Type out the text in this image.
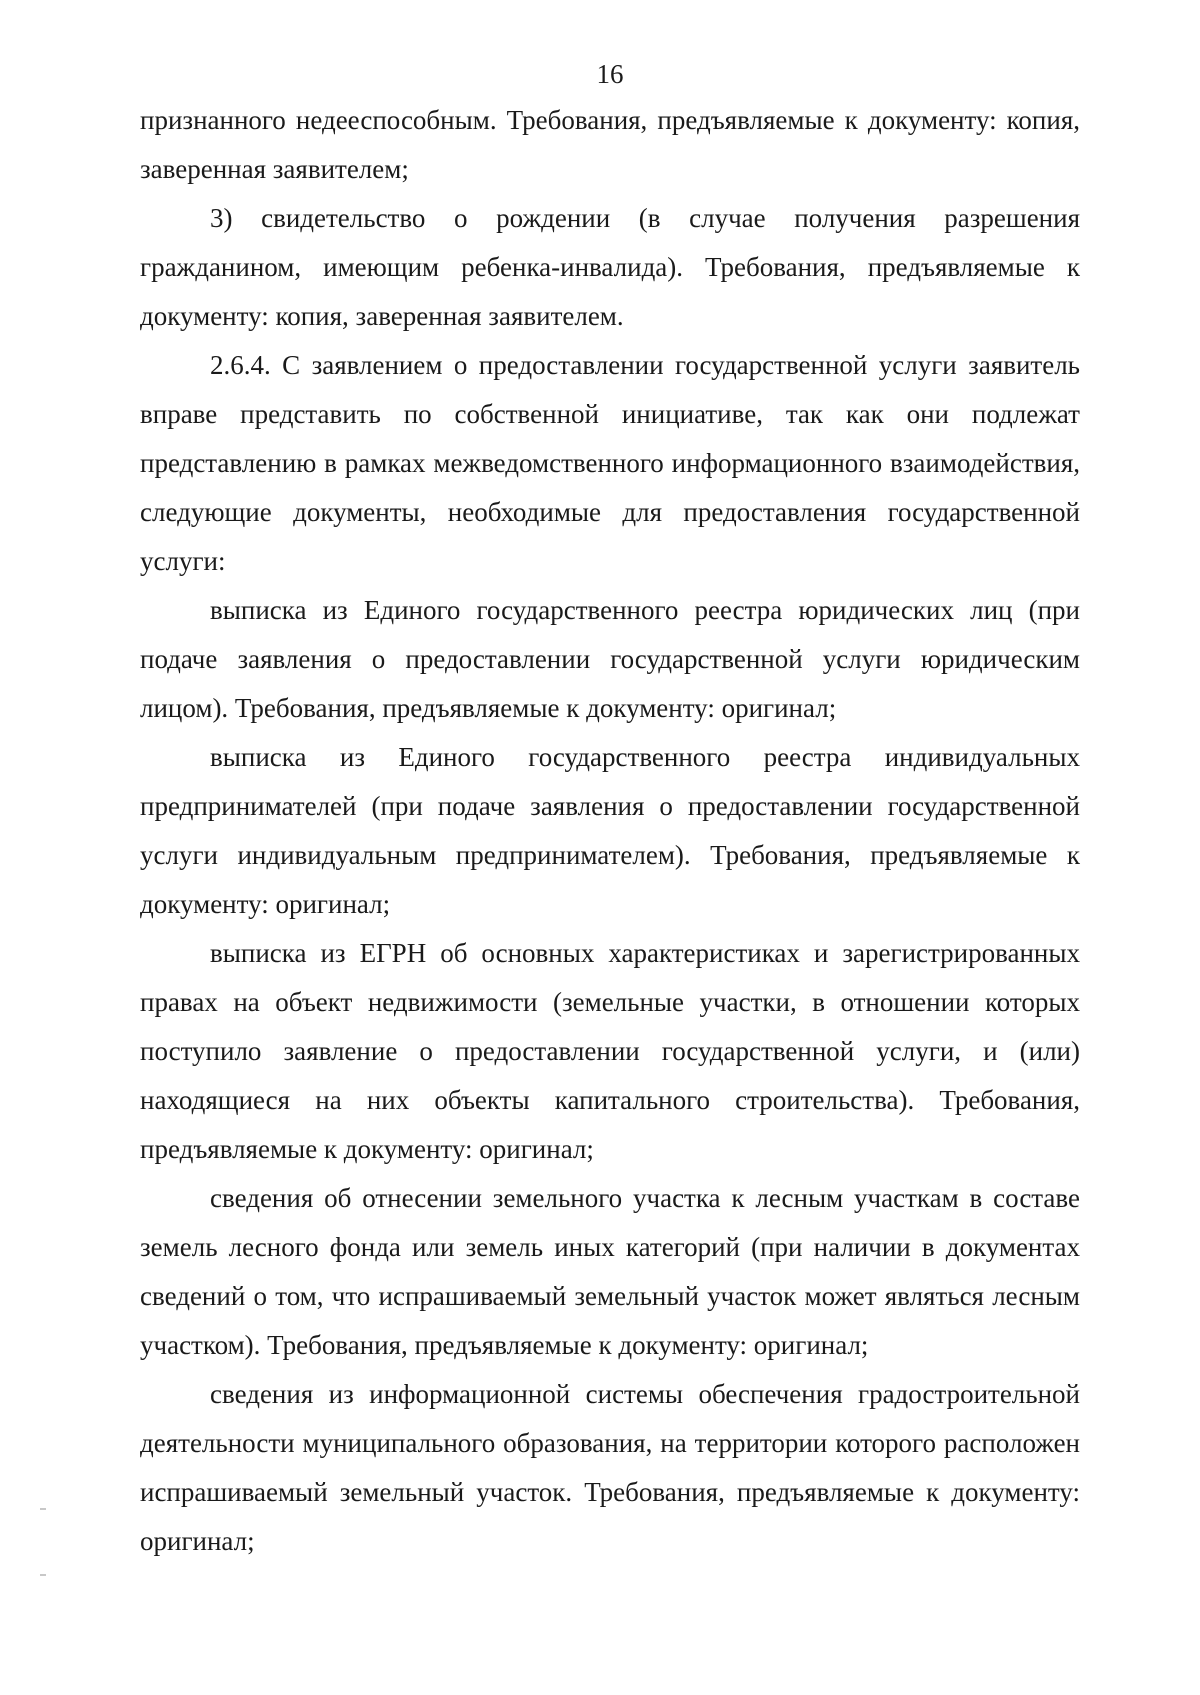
16

признанного недееспособным. Требования, предъявляемые к документу: копия, заверенная заявителем;

3) свидетельство о рождении (в случае получения разрешения гражданином, имеющим ребенка-инвалида). Требования, предъявляемые к документу: копия, заверенная заявителем.

2.6.4. С заявлением о предоставлении государственной услуги заявитель вправе представить по собственной инициативе, так как они подлежат представлению в рамках межведомственного информационного взаимодействия, следующие документы, необходимые для предоставления государственной услуги:

выписка из Единого государственного реестра юридических лиц (при подаче заявления о предоставлении государственной услуги юридическим лицом). Требования, предъявляемые к документу: оригинал;

выписка из Единого государственного реестра индивидуальных предпринимателей (при подаче заявления о предоставлении государственной услуги индивидуальным предпринимателем). Требования, предъявляемые к документу: оригинал;

выписка из ЕГРН об основных характеристиках и зарегистрированных правах на объект недвижимости (земельные участки, в отношении которых поступило заявление о предоставлении государственной услуги, и (или) находящиеся на них объекты капитального строительства). Требования, предъявляемые к документу: оригинал;

сведения об отнесении земельного участка к лесным участкам в составе земель лесного фонда или земель иных категорий (при наличии в документах сведений о том, что испрашиваемый земельный участок может являться лесным участком). Требования, предъявляемые к документу: оригинал;

сведения из информационной системы обеспечения градостроительной деятельности муниципального образования, на территории которого расположен испрашиваемый земельный участок. Требования, предъявляемые к документу: оригинал;
